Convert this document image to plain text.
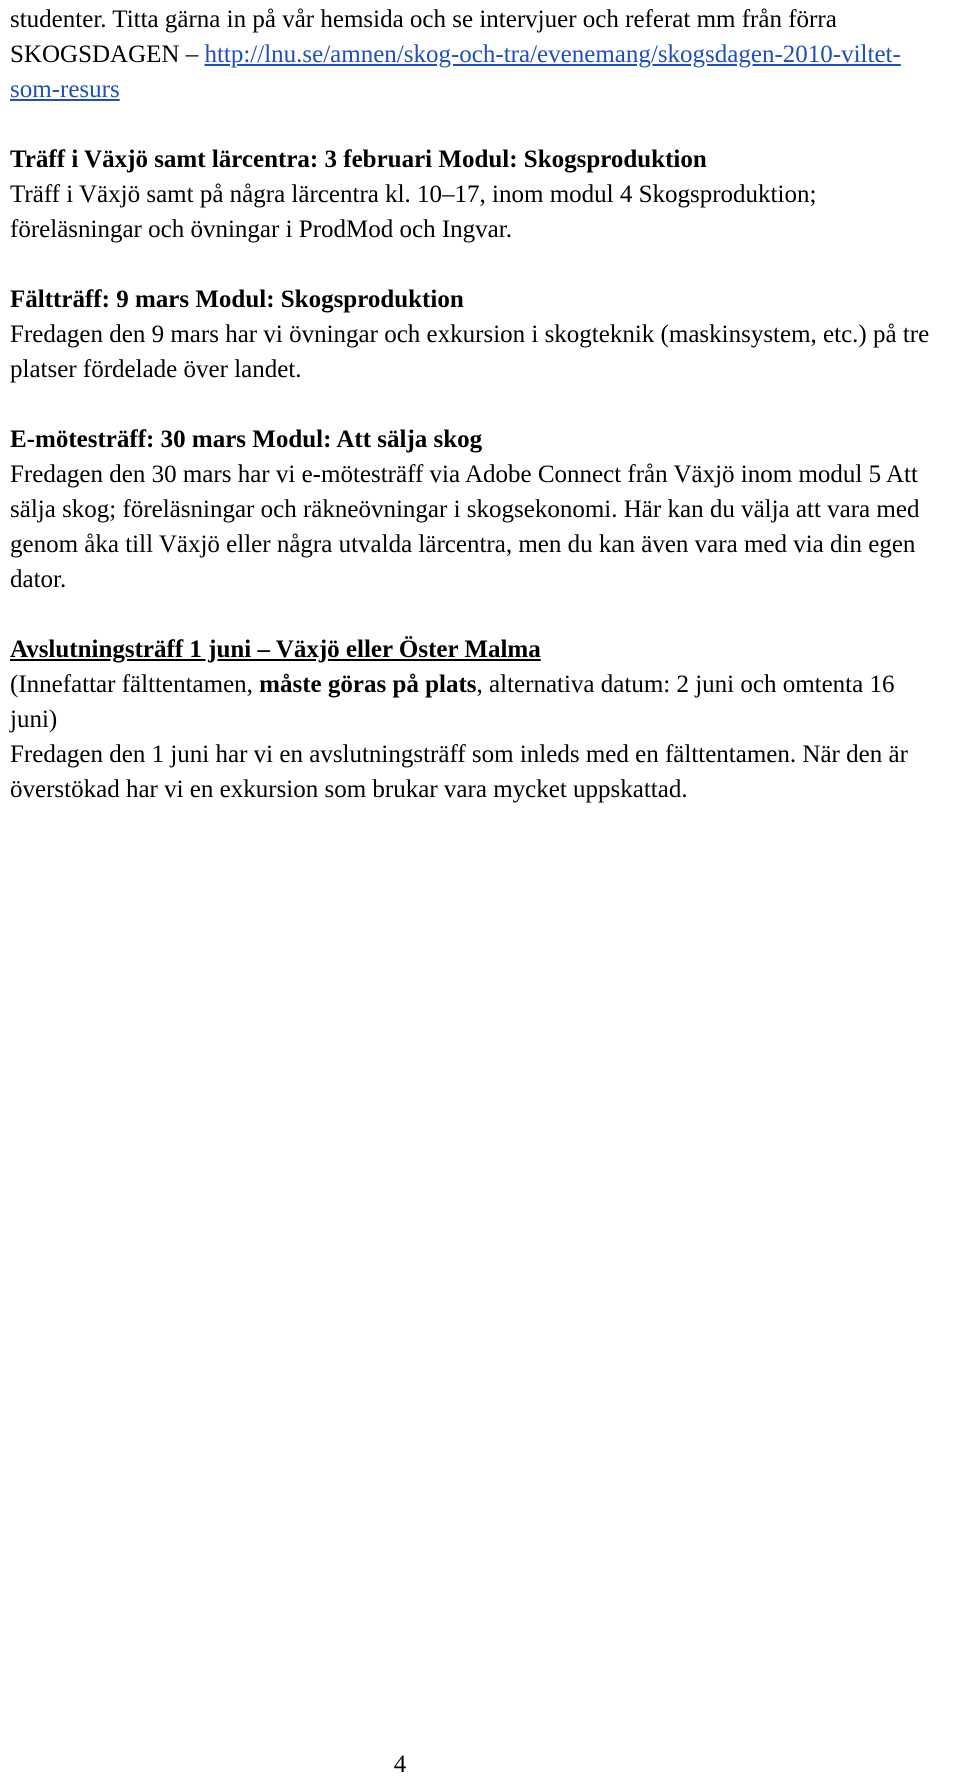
studenter. Titta gärna in på vår hemsida och se intervjuer och referat mm från förra SKOGSDAGEN – http://lnu.se/amnen/skog-och-tra/evenemang/skogsdagen-2010-viltet-som-resurs

Träff i Växjö samt lärcentra: 3 februari Modul: Skogsproduktion

Träff i Växjö samt på några lärcentra kl. 10–17, inom modul 4 Skogsproduktion; föreläsningar och övningar i ProdMod och Ingvar.

Fältträff: 9 mars Modul: Skogsproduktion

Fredagen den 9 mars har vi övningar och exkursion i skogteknik (maskinsystem, etc.) på tre platser fördelade över landet.

E-mötesträff: 30 mars Modul: Att sälja skog

Fredagen den 30 mars har vi e-mötesträff via Adobe Connect från Växjö inom modul 5 Att sälja skog; föreläsningar och räkneövningar i skogsekonomi. Här kan du välja att vara med genom åka till Växjö eller några utvalda lärcentra, men du kan även vara med via din egen dator.

Avslutningsträff 1 juni – Växjö eller Öster Malma

(Innefattar fälttentamen, måste göras på plats, alternativa datum: 2 juni och omtenta 16 juni)

Fredagen den 1 juni har vi en avslutningsträff som inleds med en fälttentamen. När den är överstökad har vi en exkursion som brukar vara mycket uppskattad.

4
